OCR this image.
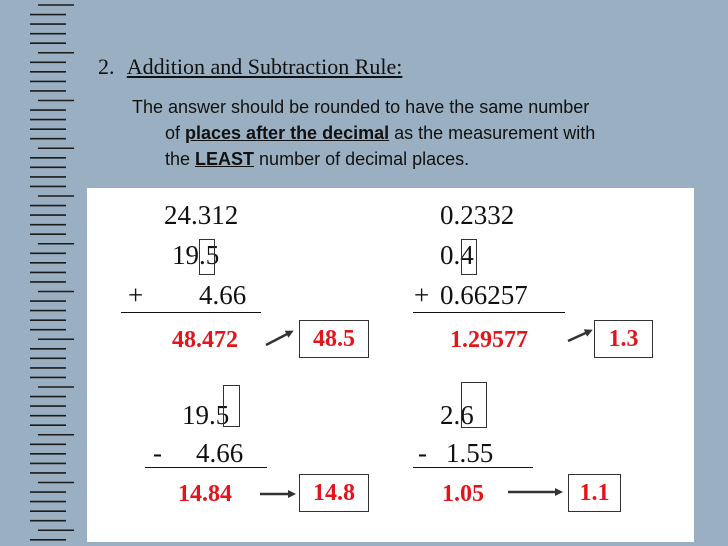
2. Addition and Subtraction Rule:
The answer should be rounded to have the same number
of places after the decimal as the measurement with
the LEAST number of decimal places.
24.312
19.5
+ 4.66
48.472	48.5
0.2332
0.4
+ 0.66257
1.29577	1.3
19.5
- 4.66
14.84	14.8
2.6
- 1.55
1.05	1.1
